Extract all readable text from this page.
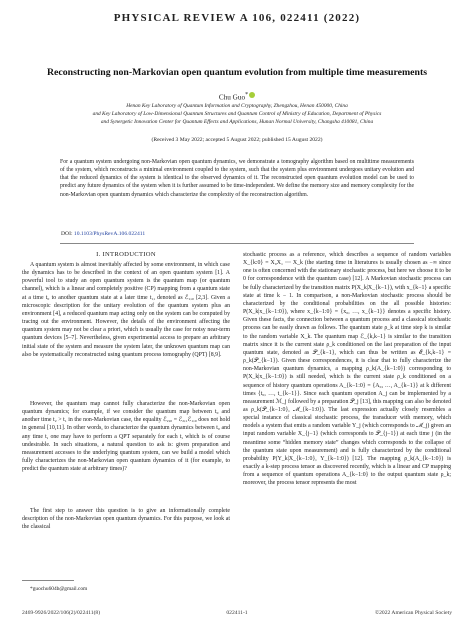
PHYSICAL REVIEW A 106, 022411 (2022)
Reconstructing non-Markovian open quantum evolution from multiple time measurements
Chu Guo*
Henan Key Laboratory of Quantum Information and Cryptography, Zhengzhou, Henan 450000, China
and Key Laboratory of Low-Dimensional Quantum Structures and Quantum Control of Ministry of Education, Department of Physics
and Synergetic Innovation Center for Quantum Effects and Applications, Hunan Normal University, Changsha 410081, China
(Received 3 May 2022; accepted 5 August 2022; published 15 August 2022)
For a quantum system undergoing non-Markovian open quantum dynamics, we demonstrate a tomography algorithm based on multitime measurements of the system, which reconstructs a minimal environment coupled to the system, such that the system plus environment undergoes unitary evolution and that the reduced dynamics of the system is identical to the observed dynamics of it. The reconstructed open quantum evolution model can be used to predict any future dynamics of the system when it is further assumed to be time-independent. We define the memory size and memory complexity for the non-Markovian open quantum dynamics which characterize the complexity of the reconstruction algorithm.
DOI: 10.1103/PhysRevA.106.022411
I. INTRODUCTION

A quantum system is almost inevitably affected by some environment, in which case the dynamics has to be described in the context of an open quantum system [1]. A powerful tool to study an open quantum system is the quantum map (or quantum channel), which is a linear and completely positive (CP) mapping from a quantum state at a time t₀ to another quantum state at a later time t₁, denoted as ℰ₁,₀ [2,3]. Given a microscopic description for the unitary evolution of the quantum system plus an environment [4], a reduced quantum map acting only on the system can be computed by tracing out the environment. However, the details of the environment affecting the quantum system may not be clear a priori, which is usually the case for noisy near-term quantum devices [5–7]. Nevertheless, given experimental access to prepare an arbitrary initial state of the system and measure the system later, the unknown quantum map can also be systematically reconstructed using quantum process tomography (QPT) [8,9].

However, the quantum map cannot fully characterize the non-Markovian open quantum dynamics; for example, if we consider the quantum map between t₀ and another time t₂ > t₁ in the non-Markovian case, the equality ℰ₂,₀ = ℰ₂,₁ℰ₁,₀ does not hold in general [10,11]. In other words, to characterize the quantum dynamics between t₀ and any time t, one may have to perform a QPT separately for each t, which is of course undesirable. In such situations, a natural question to ask is: given preparation and measurement accesses to the underlying quantum system, can we build a model which fully characterizes the non-Markovian open quantum dynamics of it (for example, to predict the quantum state at arbitrary times)?

The first step to answer this question is to give an informationally complete description of the non-Markovian open quantum dynamics. For this purpose, we look at the classical

stochastic process as a reference, which describes a sequence of random variables X_{k:0} = X₀X₁ ⋯ X_k (the starting time in literatures is usually chosen as −∞ since one is often concerned with the stationary stochastic process, but here we choose it to be 0 for correspondence with the quantum case) [12]. A Markovian stochastic process can be fully characterized by the transition matrix P(X_k|X_{k−1}), with x_{k−1} a specific state at time k − 1. In comparison, a non-Markovian stochastic process should be characterized by the conditional probabilities on the all possible histories: P(X_k|x_{k−1:0}), where x_{k−1:0} = {x₀, …, x_{k−1}} denotes a specific history. Given these facts, the connection between a quantum process and a classical stochastic process can be easily drawn as follows. The quantum state ρ_k at time step k is similar to the random variable X_k. The quantum map ℰ_{k,k−1} is similar to the transition matrix since it is the current state ρ_k conditioned on the last preparation of the input quantum state, denoted as 𝒫_{k−1}, which can thus be written as ℰ_{k,k−1} = ρ_k(𝒫_{k−1}). Given these correspondences, it is clear that to fully characterize the non-Markovian quantum dynamics, a mapping ρ_k(A_{k−1:0}) corresponding to P(X_k|x_{k−1:0}) is still needed, which is the current state ρ_k conditioned on a sequence of history quantum operations A_{k−1:0} = {A₀, …, A_{k−1}} at k different times {t₀, …, t_{k−1}}. Since each quantum operation A_j can be implemented by a measurement ℳ_j followed by a preparation 𝒫_j [13], this mapping can also be denoted as ρ_k(𝒫_{k−1:0}, ℳ_{k−1:0}). The last expression actually closely resembles a special instance of classical stochastic process, the transducer with memory, which models a system that emits a random variable Y_j (which corresponds to ℳ_j) given an input random variable X_{j−1} (which corresponds to 𝒫_{j−1}) at each time j (in the meantime some “hidden memory state” changes which corresponds to the collapse of the quantum state upon measurement) and is fully characterized by the conditional probability P(Y_k|X_{k−1:0}, Y_{k−1:0}) [12]. The mapping ρ_k(A_{k−1:0}) is exactly a k-step process tensor as discovered recently, which is a linear and CP mapping from a sequence of quantum operations A_{k−1:0} to the output quantum state ρ_k; moreover, the process tensor represents the most

*guochu604b@gmail.com
2469-9926/2022/106(2)/022411(8)	022411-1	©2022 American Physical Society
